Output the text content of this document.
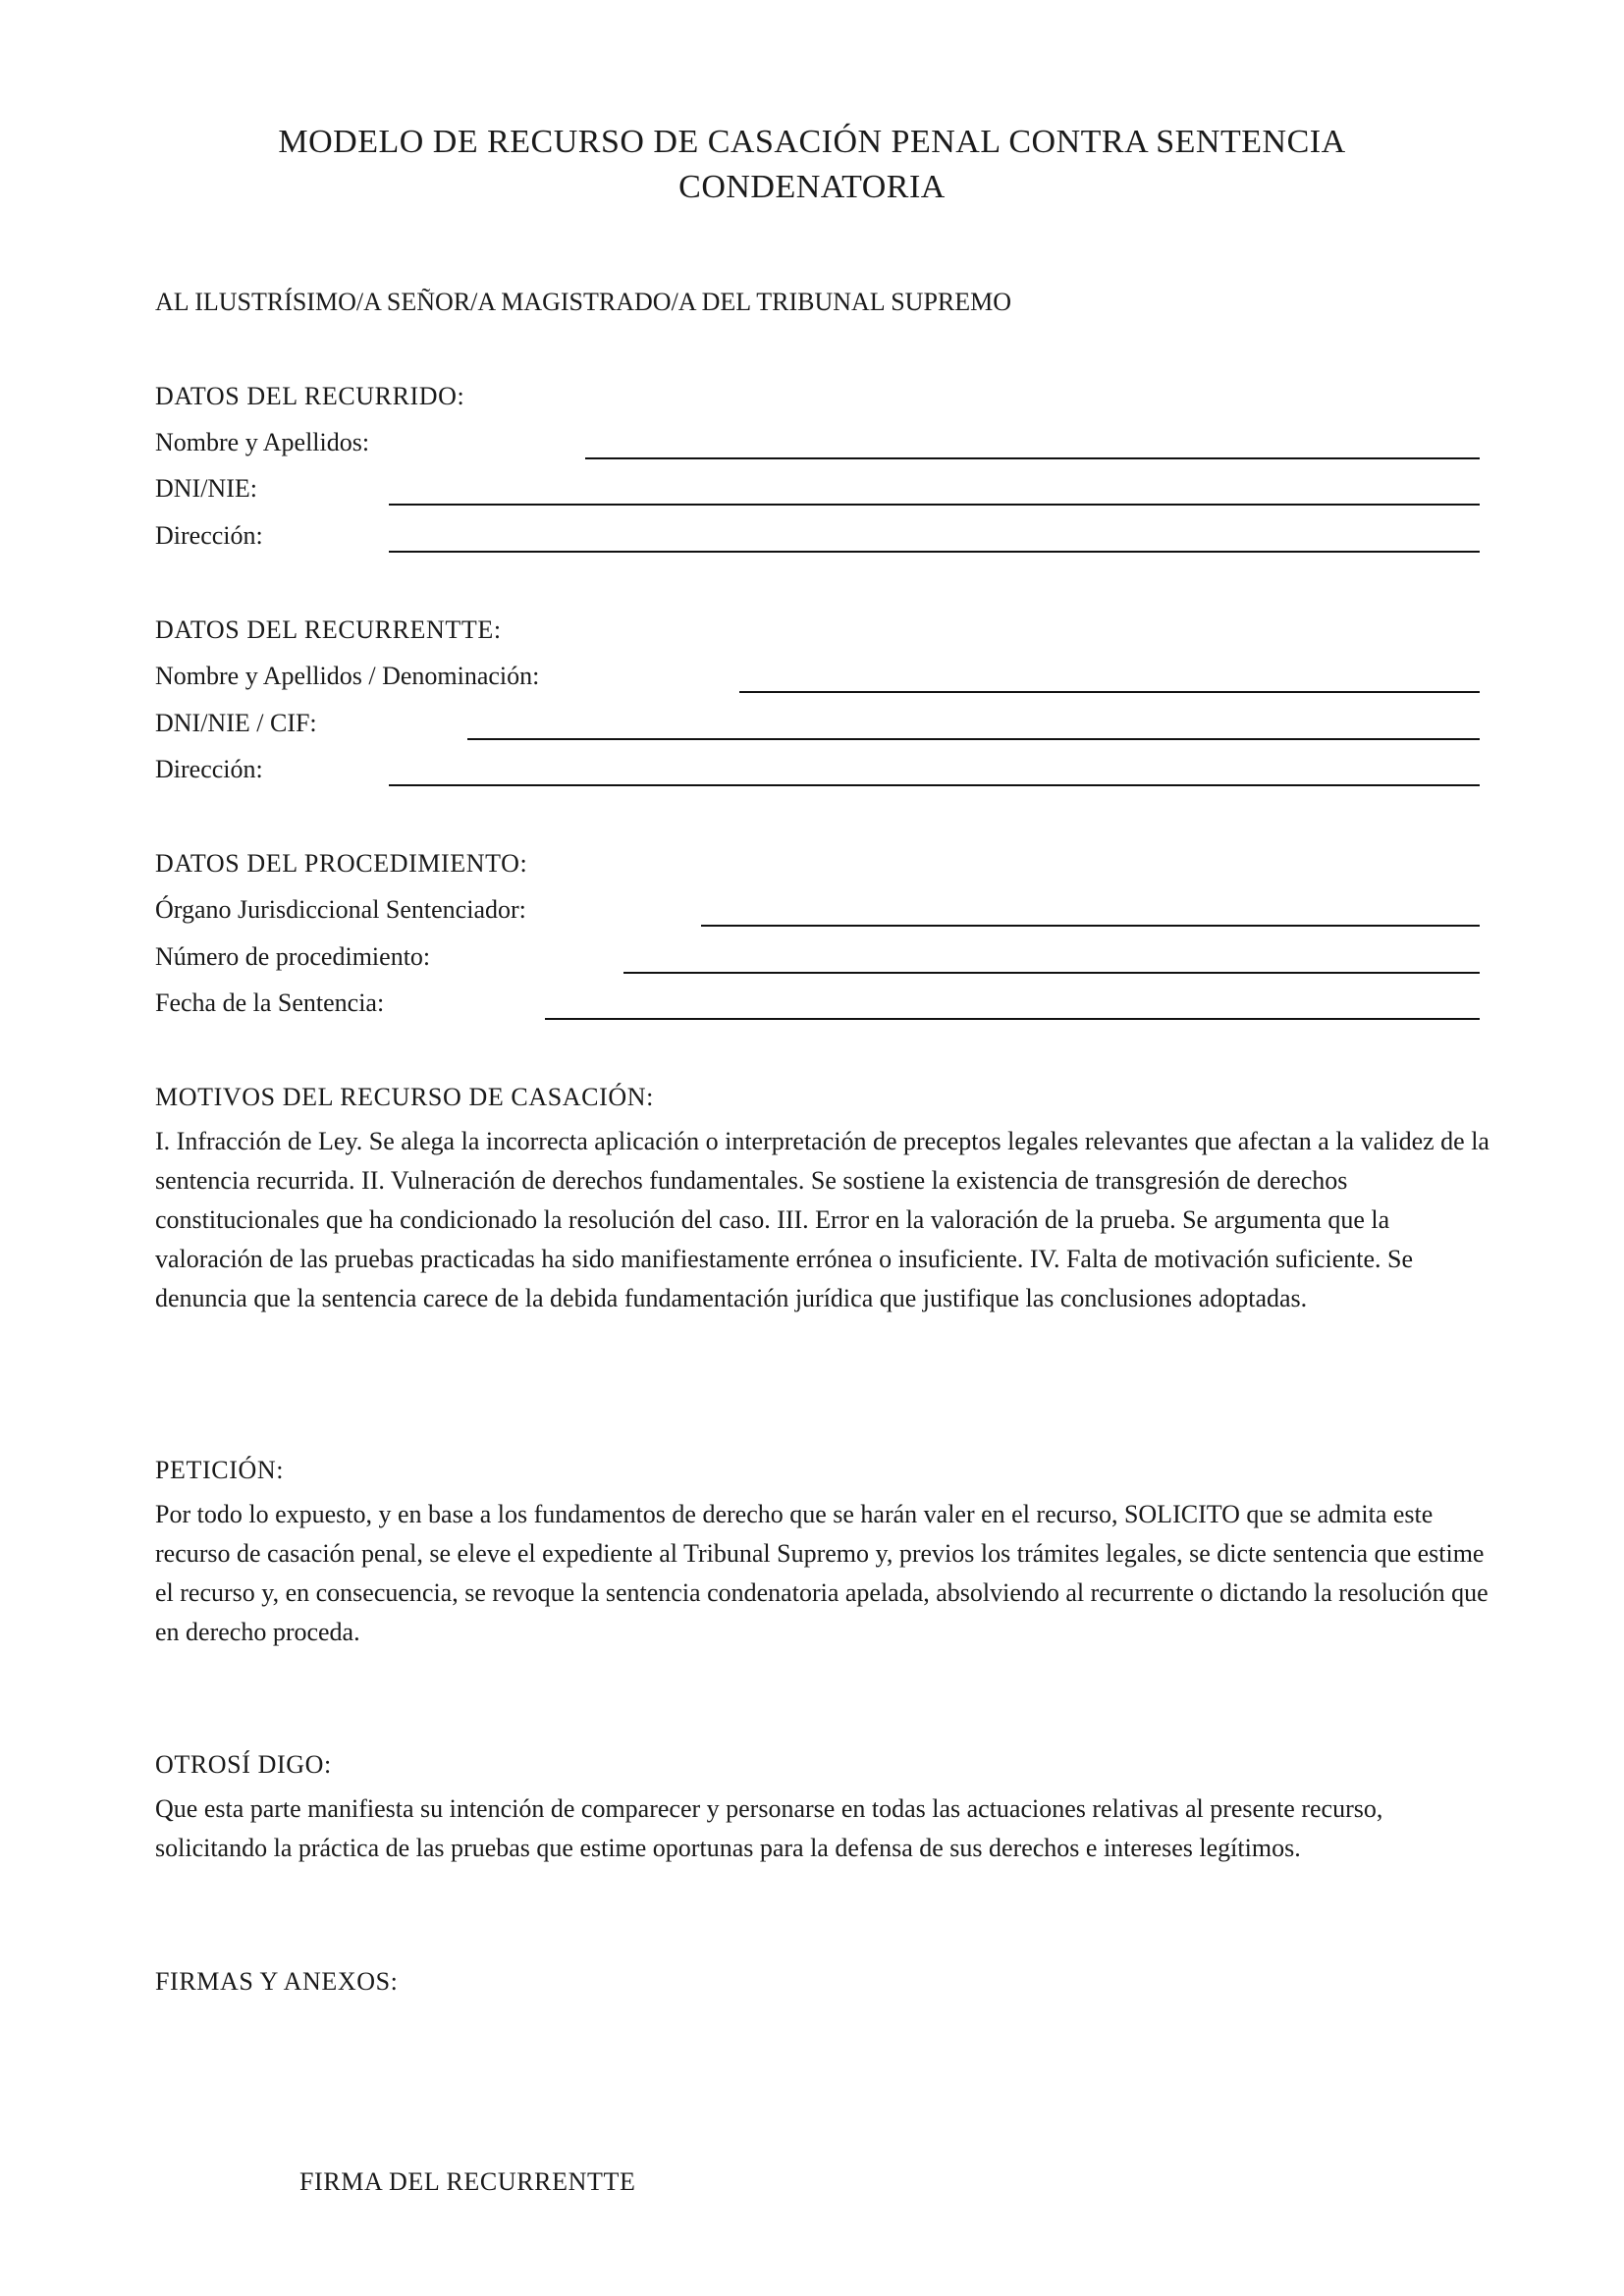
MODELO DE RECURSO DE CASACIÓN PENAL CONTRA SENTENCIA
CONDENATORIA
AL ILUSTRÍSIMO/A SEÑOR/A MAGISTRADO/A DEL TRIBUNAL SUPREMO
DATOS DEL RECURRIDO:
Nombre y Apellidos:
DNI/NIE:
Dirección:
DATOS DEL RECURRENTTE:
Nombre y Apellidos / Denominación:
DNI/NIE / CIF:
Dirección:
DATOS DEL PROCEDIMIENTO:
Órgano Jurisdiccional Sentenciador:
Número de procedimiento:
Fecha de la Sentencia:
MOTIVOS DEL RECURSO DE CASACIÓN:
I. Infracción de Ley. Se alega la incorrecta aplicación o interpretación de preceptos legales relevantes que afectan a la validez de la sentencia recurrida. II. Vulneración de derechos fundamentales. Se sostiene la existencia de transgresión de derechos constitucionales que ha condicionado la resolución del caso. III. Error en la valoración de la prueba. Se argumenta que la valoración de las pruebas practicadas ha sido manifiestamente errónea o insuficiente. IV. Falta de motivación suficiente. Se denuncia que la sentencia carece de la debida fundamentación jurídica que justifique las conclusiones adoptadas.
PETICIÓN:
Por todo lo expuesto, y en base a los fundamentos de derecho que se harán valer en el recurso, SOLICITO que se admita este recurso de casación penal, se eleve el expediente al Tribunal Supremo y, previos los trámites legales, se dicte sentencia que estime el recurso y, en consecuencia, se revoque la sentencia condenatoria apelada, absolviendo al recurrente o dictando la resolución que en derecho proceda.
OTROSÍ DIGO:
Que esta parte manifiesta su intención de comparecer y personarse en todas las actuaciones relativas al presente recurso, solicitando la práctica de las pruebas que estime oportunas para la defensa de sus derechos e intereses legítimos.
FIRMAS Y ANEXOS:
FIRMA DEL RECURRENTTE
